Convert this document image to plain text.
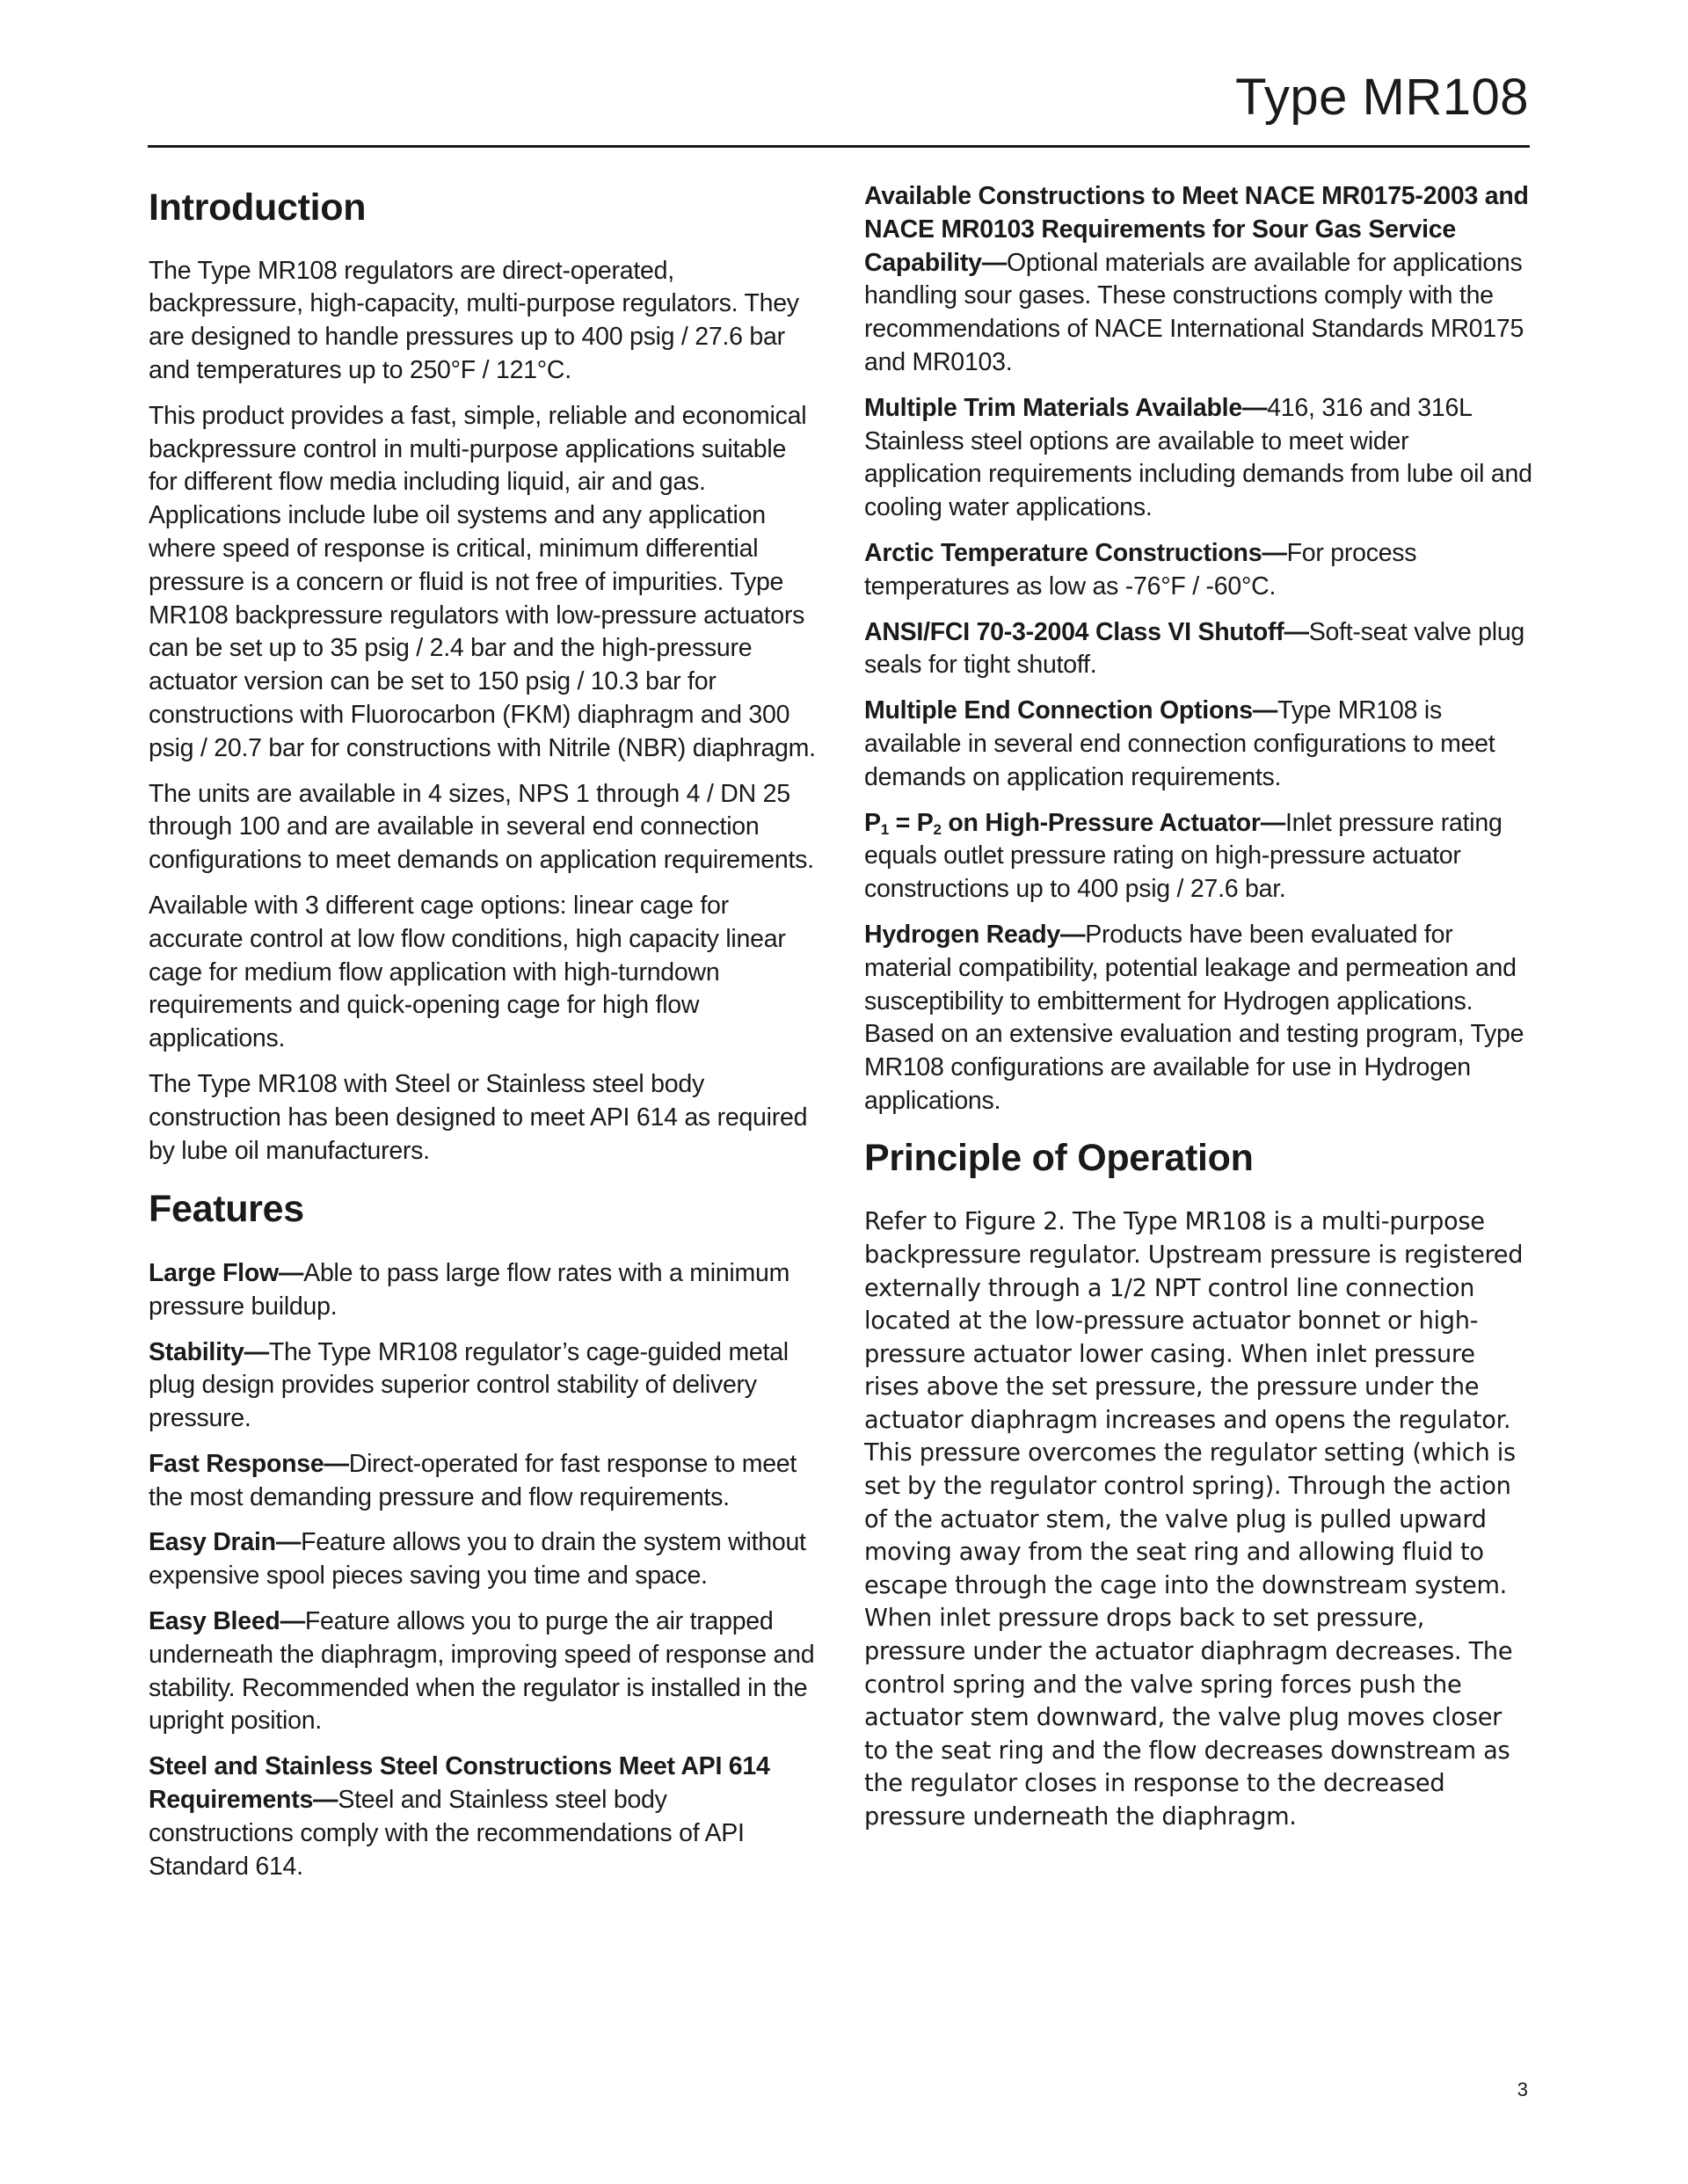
Type MR108
Introduction

The Type MR108 regulators are direct-operated, backpressure, high-capacity, multi-purpose regulators. They are designed to handle pressures up to 400 psig / 27.6 bar and temperatures up to 250°F / 121°C.

This product provides a fast, simple, reliable and economical backpressure control in multi-purpose applications suitable for different flow media including liquid, air and gas. Applications include lube oil systems and any application where speed of response is critical, minimum differential pressure is a concern or fluid is not free of impurities. Type MR108 backpressure regulators with low-pressure actuators can be set up to 35 psig / 2.4 bar and the high-pressure actuator version can be set to 150 psig / 10.3 bar for constructions with Fluorocarbon (FKM) diaphragm and 300 psig / 20.7 bar for constructions with Nitrile (NBR) diaphragm.

The units are available in 4 sizes, NPS 1 through 4 / DN 25 through 100 and are available in several end connection configurations to meet demands on application requirements.

Available with 3 different cage options: linear cage for accurate control at low flow conditions, high capacity linear cage for medium flow application with high-turndown requirements and quick-opening cage for high flow applications.

The Type MR108 with Steel or Stainless steel body construction has been designed to meet API 614 as required by lube oil manufacturers.

Features

Large Flow—Able to pass large flow rates with a minimum pressure buildup.

Stability—The Type MR108 regulator’s cage-guided metal plug design provides superior control stability of delivery pressure.

Fast Response—Direct-operated for fast response to meet the most demanding pressure and flow requirements.

Easy Drain—Feature allows you to drain the system without expensive spool pieces saving you time and space.

Easy Bleed—Feature allows you to purge the air trapped underneath the diaphragm, improving speed of response and stability. Recommended when the regulator is installed in the upright position.

Steel and Stainless Steel Constructions Meet API 614 Requirements—Steel and Stainless steel body constructions comply with the recommendations of API Standard 614.

Available Constructions to Meet NACE MR0175-2003 and NACE MR0103 Requirements for Sour Gas Service Capability—Optional materials are available for applications handling sour gases. These constructions comply with the recommendations of NACE International Standards MR0175 and MR0103.

Multiple Trim Materials Available—416, 316 and 316L Stainless steel options are available to meet wider application requirements including demands from lube oil and cooling water applications.

Arctic Temperature Constructions—For process temperatures as low as -76°F / -60°C.

ANSI/FCI 70-3-2004 Class VI Shutoff—Soft-seat valve plug seals for tight shutoff.

Multiple End Connection Options—Type MR108 is available in several end connection configurations to meet demands on application requirements.

$P_1 = P_2$ on High-Pressure Actuator—Inlet pressure rating equals outlet pressure rating on high-pressure actuator constructions up to 400 psig / 27.6 bar.

Hydrogen Ready—Products have been evaluated for material compatibility, potential leakage and permeation and susceptibility to embitterment for Hydrogen applications. Based on an extensive evaluation and testing program, Type MR108 configurations are available for use in Hydrogen applications.

Principle of Operation

Refer to Figure 2. The Type MR108 is a multi-purpose backpressure regulator. Upstream pressure is registered externally through a 1/2 NPT control line connection located at the low-pressure actuator bonnet or high-pressure actuator lower casing. When inlet pressure rises above the set pressure, the pressure under the actuator diaphragm increases and opens the regulator. This pressure overcomes the regulator setting (which is set by the regulator control spring). Through the action of the actuator stem, the valve plug is pulled upward moving away from the seat ring and allowing fluid to escape through the cage into the downstream system. When inlet pressure drops back to set pressure, pressure under the actuator diaphragm decreases. The control spring and the valve spring forces push the actuator stem downward, the valve plug moves closer to the seat ring and the flow decreases downstream as the regulator closes in response to the decreased pressure underneath the diaphragm.

3
